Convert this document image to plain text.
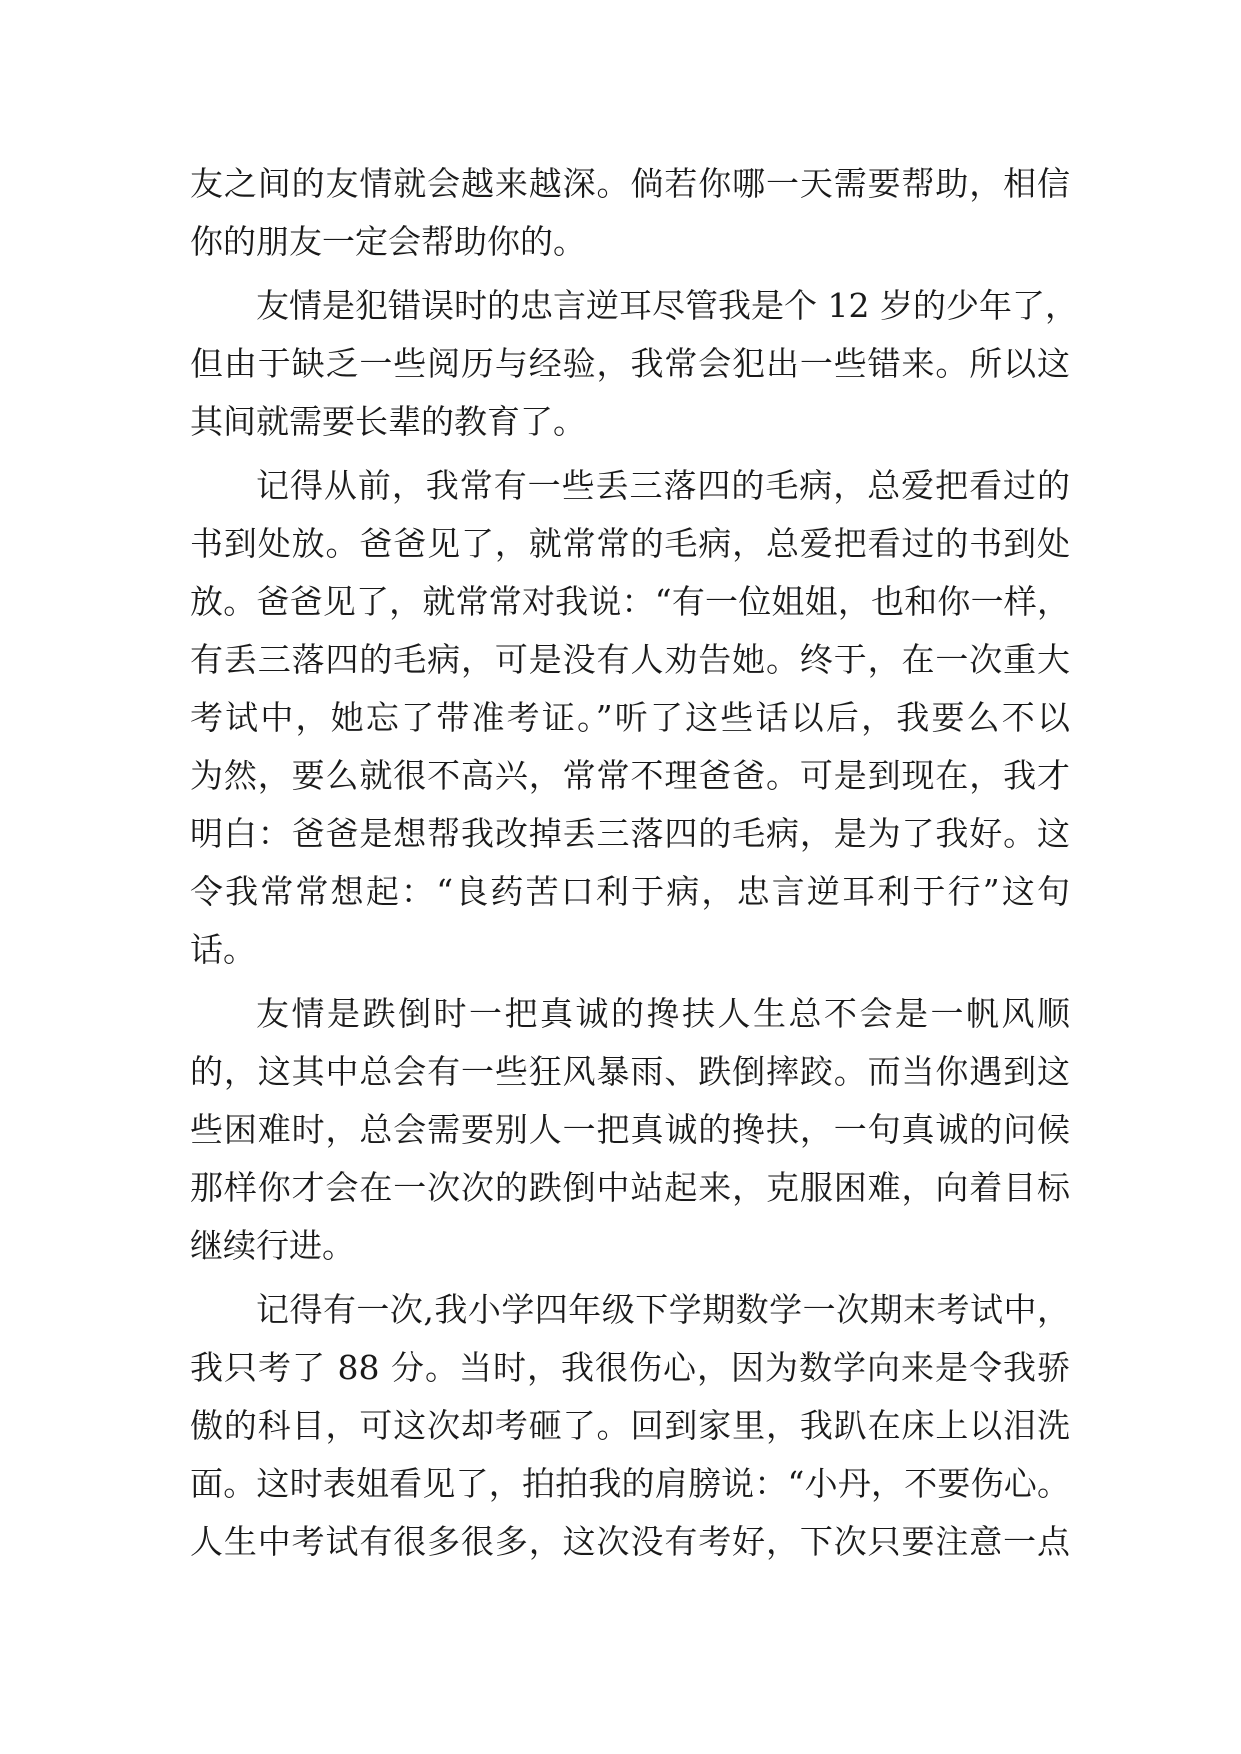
友之间的友情就会越来越深。倘若你哪一天需要帮助，相信
你的朋友一定会帮助你的。
友情是犯错误时的忠言逆耳尽管我是个 12 岁的少年了，
但由于缺乏一些阅历与经验，我常会犯出一些错来。所以这
其间就需要长辈的教育了。
记得从前，我常有一些丢三落四的毛病，总爱把看过的
书到处放。爸爸见了，就常常的毛病，总爱把看过的书到处
放。爸爸见了，就常常对我说：“有一位姐姐，也和你一样，
有丢三落四的毛病，可是没有人劝告她。终于，在一次重大
考试中，她忘了带准考证。”听了这些话以后，我要么不以
为然，要么就很不高兴，常常不理爸爸。可是到现在，我才
明白：爸爸是想帮我改掉丢三落四的毛病，是为了我好。这
令我常常想起：“良药苦口利于病，忠言逆耳利于行”这句
话。
友情是跌倒时一把真诚的搀扶人生总不会是一帆风顺
的，这其中总会有一些狂风暴雨、跌倒摔跤。而当你遇到这
些困难时，总会需要别人一把真诚的搀扶，一句真诚的问候
那样你才会在一次次的跌倒中站起来，克服困难，向着目标
继续行进。
记得有一次,我小学四年级下学期数学一次期末考试中，
我只考了 88 分。当时，我很伤心，因为数学向来是令我骄
傲的科目，可这次却考砸了。回到家里，我趴在床上以泪洗
面。这时表姐看见了，拍拍我的肩膀说：“小丹，不要伤心。
人生中考试有很多很多，这次没有考好，下次只要注意一点
